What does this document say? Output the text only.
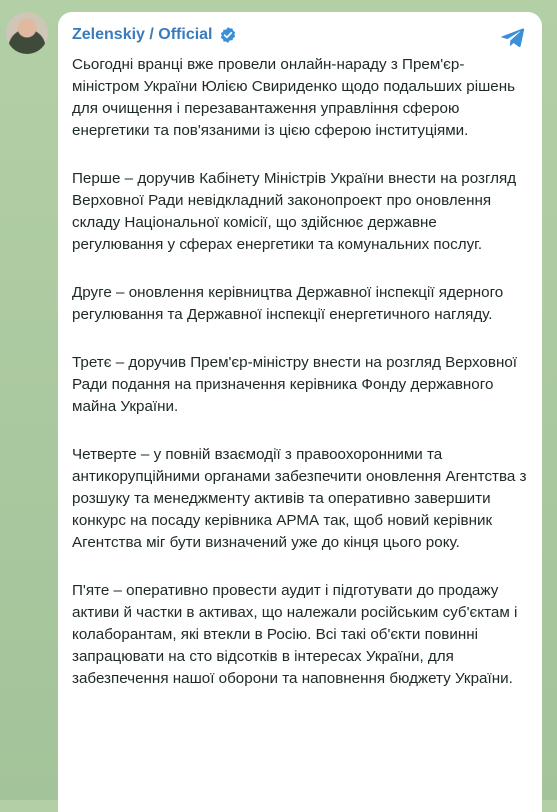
Zelenskiy / Official

Сьогодні вранці вже провели онлайн-нараду з Прем'єр-міністром України Юлією Свириденко щодо подальших рішень для очищення і перезавантаження управління сферою енергетики та пов'язаними із цією сферою інституціями.

Перше – доручив Кабінету Міністрів України внести на розгляд Верховної Ради невідкладний законопроект про оновлення складу Національної комісії, що здійснює державне регулювання у сферах енергетики та комунальних послуг.

Друге – оновлення керівництва Державної інспекції ядерного регулювання та Державної інспекції енергетичного нагляду.

Третє – доручив Прем'єр-міністру внести на розгляд Верховної Ради подання на призначення керівника Фонду державного майна України.

Четверте – у повній взаємодії з правоохоронними та антикорупційними органами забезпечити оновлення Агентства з розшуку та менеджменту активів та оперативно завершити конкурс на посаду керівника АРМА так, щоб новий керівник Агентства міг бути визначений уже до кінця цього року.

П'яте – оперативно провести аудит і підготувати до продажу активи й частки в активах, що належали російським суб'єктам і колаборантам, які втекли в Росію. Всі такі об'єкти повинні запрацювати на сто відсотків в інтересах України, для забезпечення нашої оборони та наповнення бюджету України.
